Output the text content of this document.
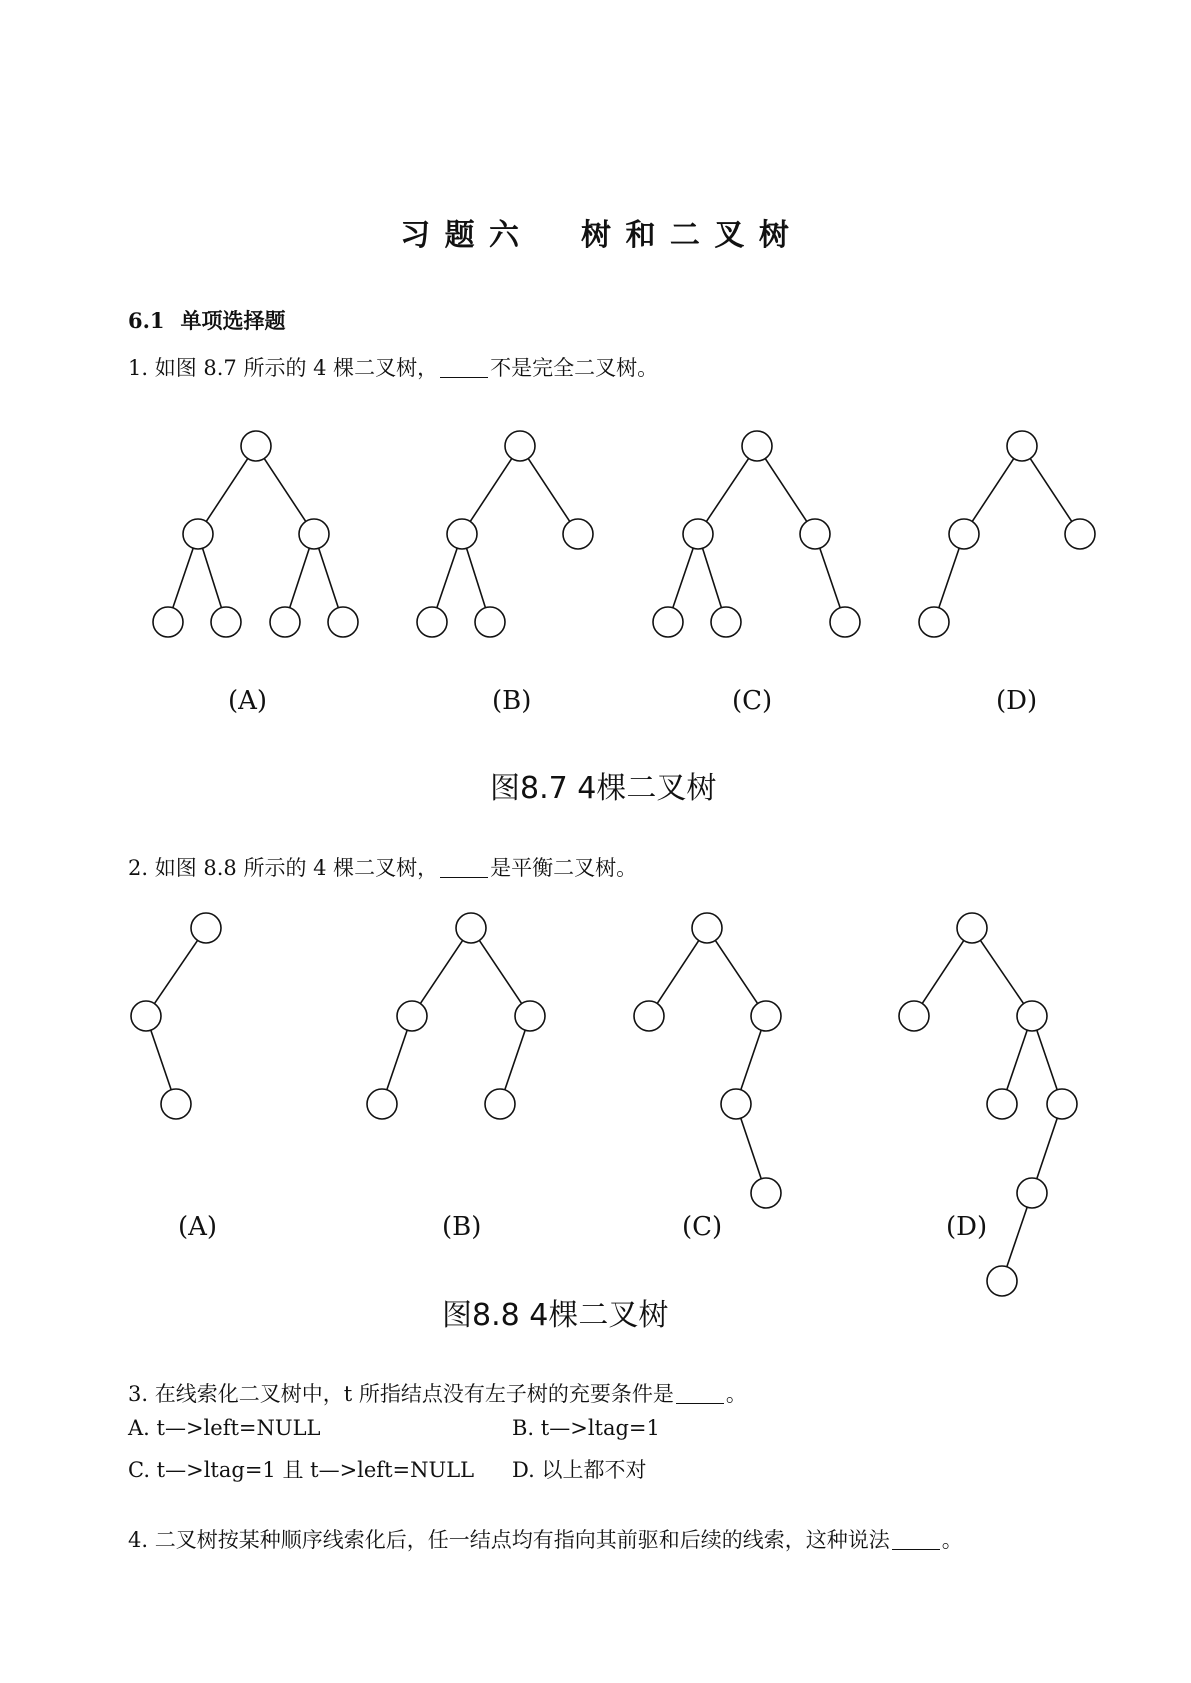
习 题 六 树 和 二 叉 树
6.1 单项选择题
1. 如图 8.7 所示的 4 棵二叉树， 不是完全二叉树。
(A)	(B)	(C)	(D)
图8.7 4棵二叉树
2. 如图 8.8 所示的 4 棵二叉树， 是平衡二叉树。
(A)	(B)	(C)	(D)
图8.8 4棵二叉树
3. 在线索化二叉树中，t 所指结点没有左子树的充要条件是 。
A. t—>left=NULL	B. t—>ltag=1
C. t—>ltag=1 且 t—>left=NULL D. 以上都不对
4. 二叉树按某种顺序线索化后，任一结点均有指向其前驱和后续的线索，这种说法 。
